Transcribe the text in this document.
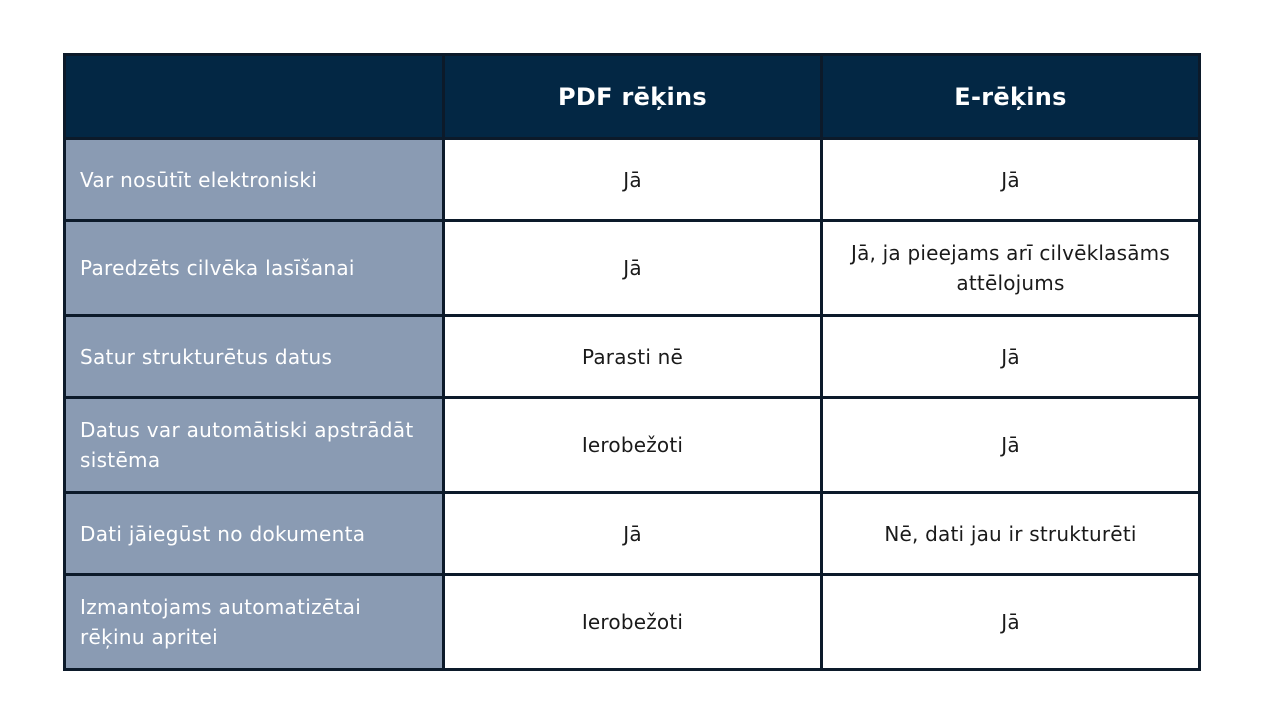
	PDF rēķins	E-rēķins
Var nosūtīt elektroniski	Jā	Jā
Paredzēts cilvēka lasīšanai	Jā	Jā, ja pieejams arī cilvēklasāms attēlojums
Satur strukturētus datus	Parasti nē	Jā
Datus var automātiski apstrādāt sistēma	Ierobežoti	Jā
Dati jāiegūst no dokumenta	Jā	Nē, dati jau ir strukturēti
Izmantojams automatizētai rēķinu apritei	Ierobežoti	Jā
